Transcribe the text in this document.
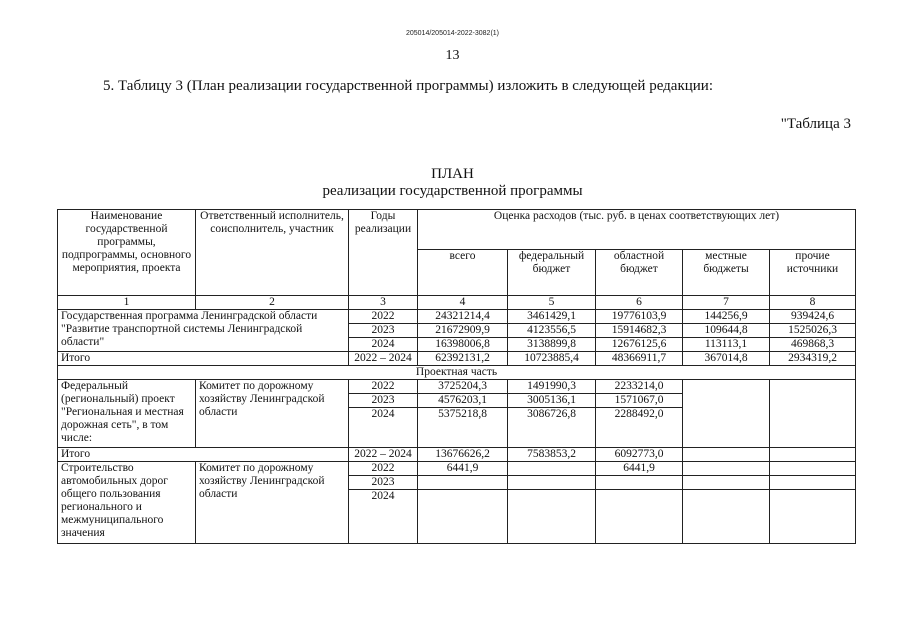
205014/205014-2022-3082(1)
13
5. Таблицу 3 (План реализации государственной программы) изложить в следующей редакции:
"Таблица 3
ПЛАН
реализации государственной программы
Наименование государственной программы, подпрограммы, основного мероприятия, проекта	Ответственный исполнитель, соисполнитель, участник	Годы реализации	Оценка расходов (тыс. руб. в ценах соответствующих лет)				
			всего	федеральный бюджет	областной бюджет	местные бюджеты	прочие источники
1	2	3	4	5	6	7	8
Государственная программа Ленинградской области "Развитие транспортной системы Ленинградской области"		2022	24321214,4	3461429,1	19776103,9	144256,9	939424,6
		2023	21672909,9	4123556,5	15914682,3	109644,8	1525026,3
		2024	16398006,8	3138899,8	12676125,6	113113,1	469868,3
Итого		2022 – 2024	62392131,2	10723885,4	48366911,7	367014,8	2934319,2
Проектная часть							
Федеральный (региональный) проект "Региональная и местная дорожная сеть", в том числе:	Комитет по дорожному хозяйству Ленинградской области	2022	3725204,3	1491990,3	2233214,0		
		2023	4576203,1	3005136,1	1571067,0		
		2024	5375218,8	3086726,8	2288492,0		
Итого		2022 – 2024	13676626,2	7583853,2	6092773,0		
Строительство автомобильных дорог общего пользования регионального и межмуниципального значения	Комитет по дорожному хозяйству Ленинградской области	2022	6441,9		6441,9		
		2023					
		2024					
